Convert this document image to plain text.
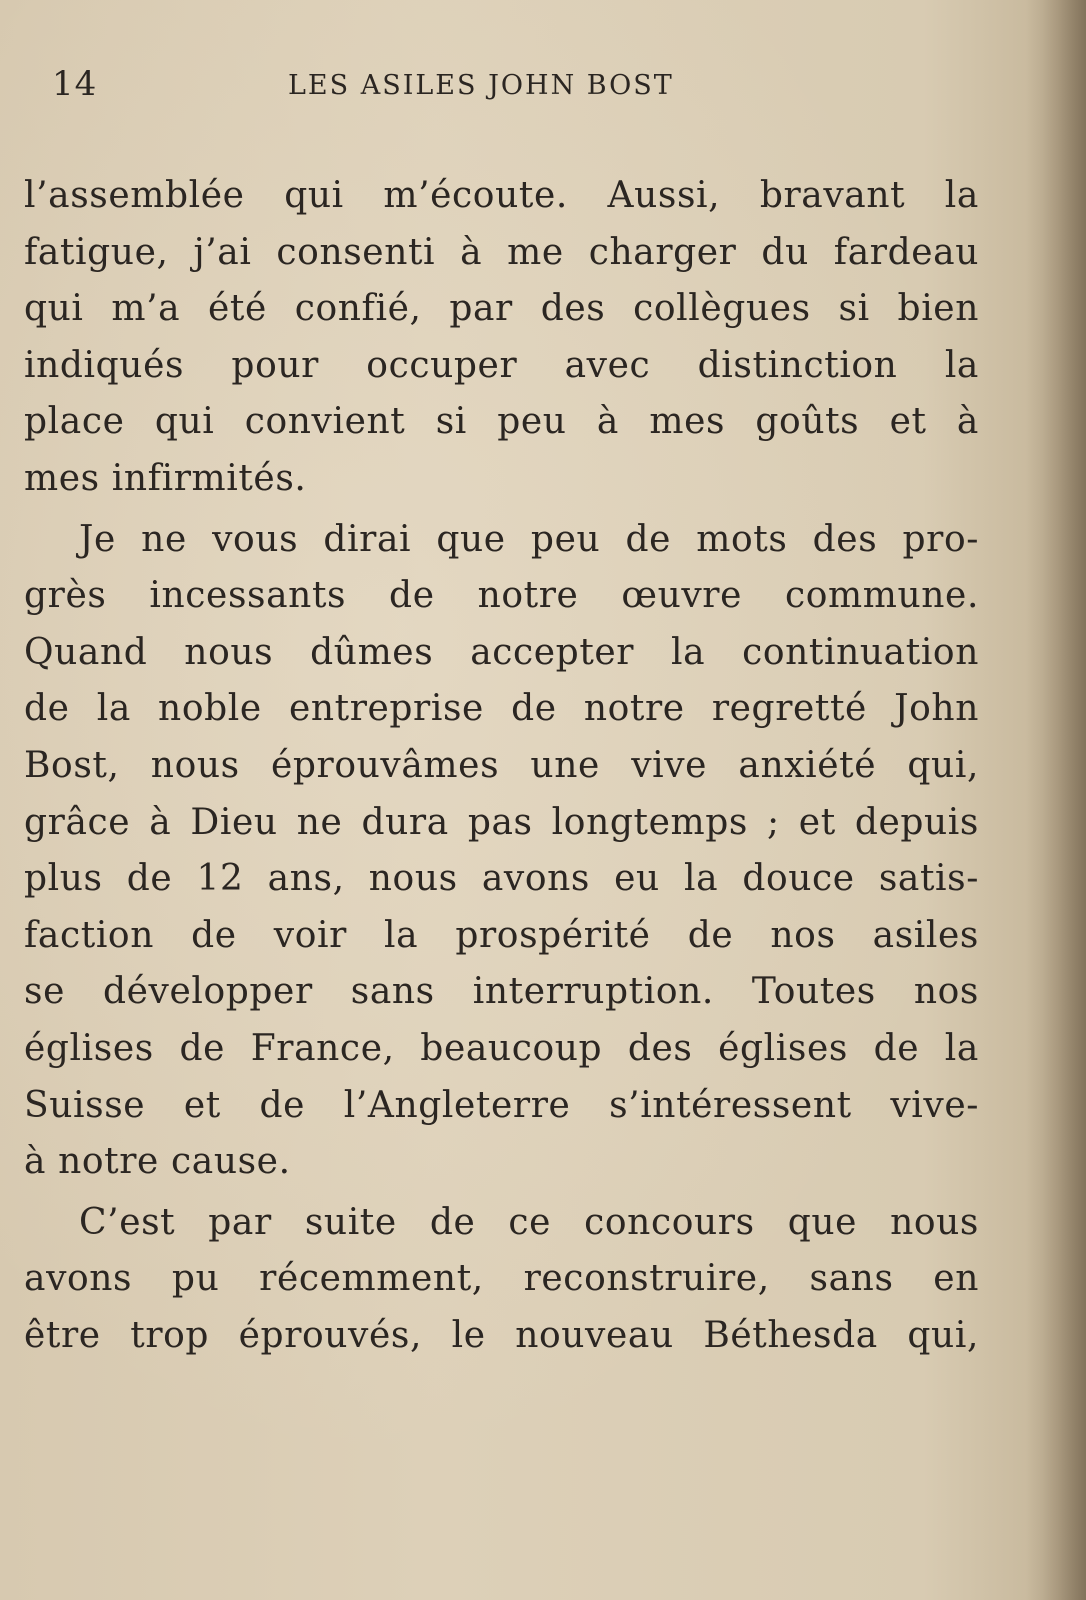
14	LES ASILES JOHN BOST
l’assemblée qui m’écoute. Aussi, bravant la
fatigue, j’ai consenti à me charger du fardeau
qui m’a été confié, par des collègues si bien
indiqués pour occuper avec distinction la
place qui convient si peu à mes goûts et à
mes infirmités.
Je ne vous dirai que peu de mots des pro-
grès incessants de notre œuvre commune.
Quand nous dûmes accepter la continuation
de la noble entreprise de notre regretté John
Bost, nous éprouvâmes une vive anxiété qui,
grâce à Dieu ne dura pas longtemps ; et depuis
plus de 12 ans, nous avons eu la douce satis-
faction de voir la prospérité de nos asiles
se développer sans interruption. Toutes nos
églises de France, beaucoup des églises de la
Suisse et de l’Angleterre s’intéressent vive-
à notre cause.
C’est par suite de ce concours que nous
avons pu récemment, reconstruire, sans en
être trop éprouvés, le nouveau Béthesda qui,
